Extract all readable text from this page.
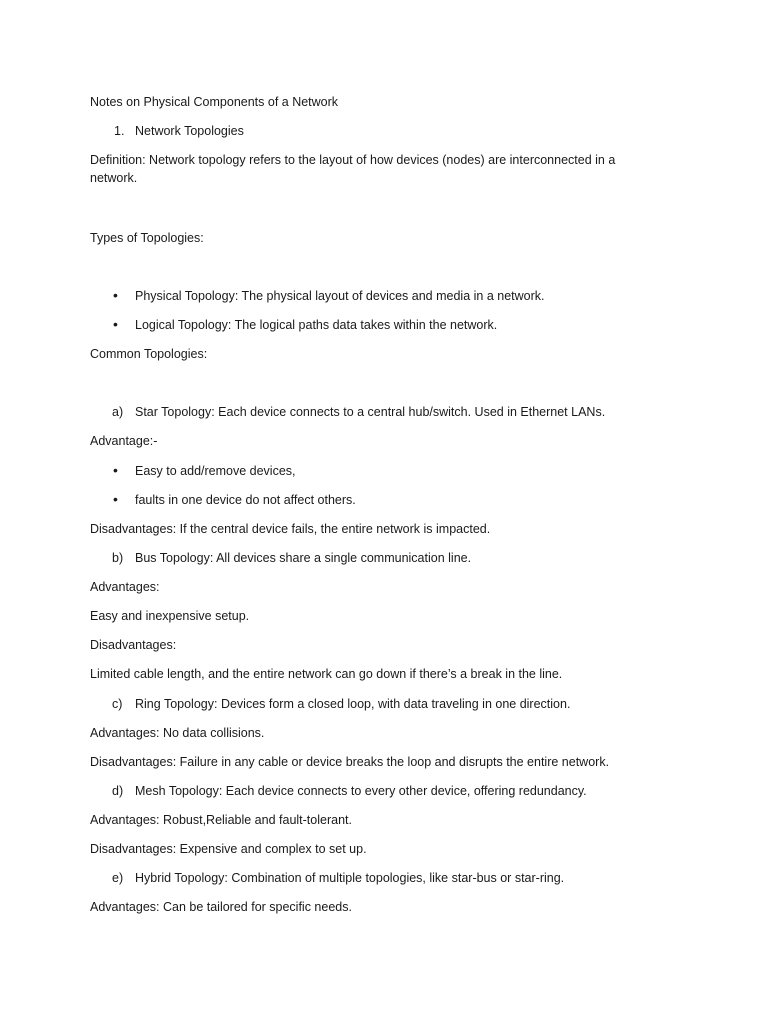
Notes on Physical Components of a Network
1. Network Topologies
Definition: Network topology refers to the layout of how devices (nodes) are interconnected in a network.
Types of Topologies:
• Physical Topology: The physical layout of devices and media in a network.
• Logical Topology: The logical paths data takes within the network.
Common Topologies:
a) Star Topology: Each device connects to a central hub/switch. Used in Ethernet LANs.
Advantage:-
• Easy to add/remove devices,
• faults in one device do not affect others.
Disadvantages: If the central device fails, the entire network is impacted.
b) Bus Topology: All devices share a single communication line.
Advantages:
Easy and inexpensive setup.
Disadvantages:
Limited cable length, and the entire network can go down if there’s a break in the line.
c) Ring Topology: Devices form a closed loop, with data traveling in one direction.
Advantages: No data collisions.
Disadvantages: Failure in any cable or device breaks the loop and disrupts the entire network.
d) Mesh Topology: Each device connects to every other device, offering redundancy.
Advantages: Robust,Reliable and fault-tolerant.
Disadvantages: Expensive and complex to set up.
e) Hybrid Topology: Combination of multiple topologies, like star-bus or star-ring.
Advantages: Can be tailored for specific needs.
